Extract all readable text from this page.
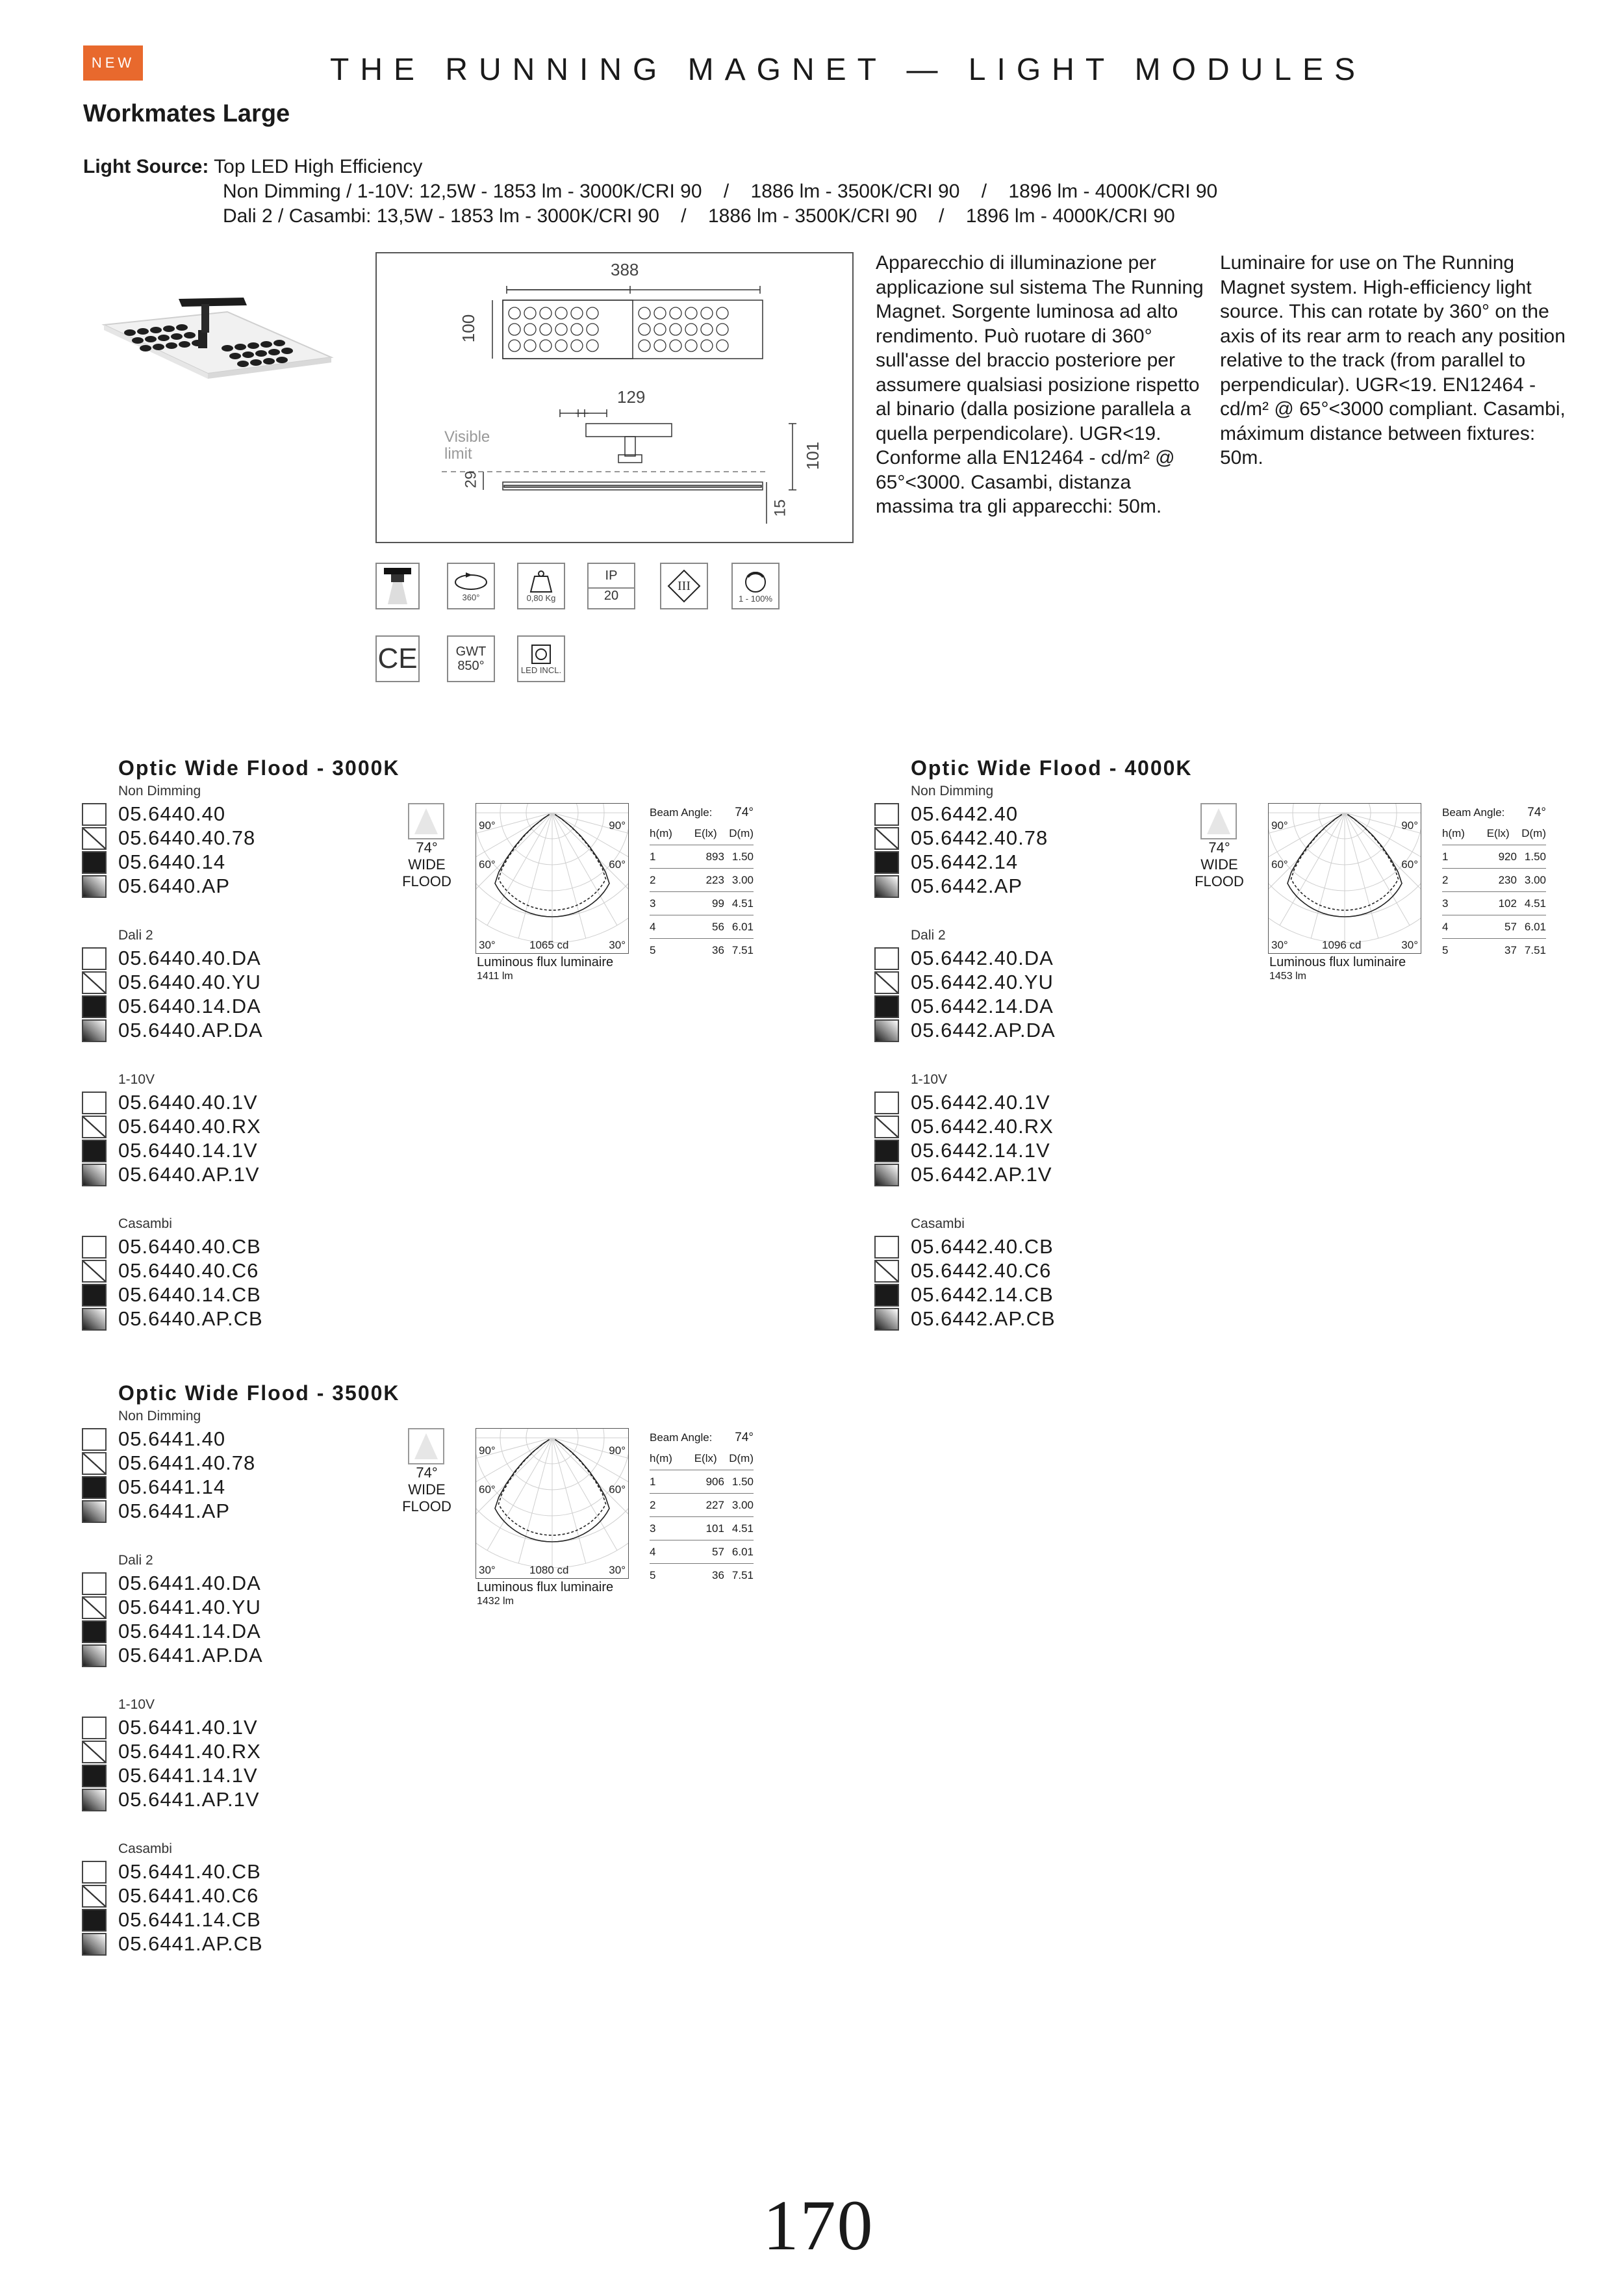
NEW	THE RUNNING MAGNET — LIGHT MODULES
Workmates Large
Light Source: Top LED High Efficiency
Non Dimming / 1-10V: 12,5W - 1853 lm - 3000K/CRI 90    /    1886 lm - 3500K/CRI 90    /    1896 lm - 4000K/CRI 90
Dali 2 / Casambi: 13,5W - 1853 lm - 3000K/CRI 90    /    1886 lm - 3500K/CRI 90    /    1896 lm - 4000K/CRI 90
388
100
129
101
29
15
Visible
limit
Apparecchio di illuminazione per applicazione sul sistema The Running Magnet. Sorgente luminosa ad alto rendimento. Può ruotare di 360° sull'asse del braccio posteriore per assumere qualsiasi posizione rispetto al binario (dalla posizione parallela a quella perpendicolare). UGR<19. Conforme alla EN12464 - cd/m² @ 65°<3000. Casambi, distanza massima tra gli apparecchi: 50m.
Luminaire for use on The Running Magnet system. High-efficiency light source. This can rotate by 360° on the axis of its rear arm to reach any position relative to the track (from parallel to perpendicular). UGR<19. EN12464 - cd/m² @ 65°<3000 compliant. Casambi, máximum distance between fixtures: 50m.
360°	0,80 Kg
IP
20
III
1 - 100%
CE	GWT
850°	LED INCL.
Optic Wide Flood - 3000K
Non Dimming
05.6440.40
05.6440.40.78
05.6440.14
05.6440.AP
Dali 2
05.6440.40.DA
05.6440.40.YU
05.6440.14.DA
05.6440.AP.DA
1-10V
05.6440.40.1V
05.6440.40.RX
05.6440.14.1V
05.6440.AP.1V
Casambi
05.6440.40.CB
05.6440.40.C6
05.6440.14.CB
05.6440.AP.CB
74°
WIDE
FLOOD
90°	90°
60°	60°
30°	30°
1065 cd
Luminous flux luminaire
1411 lm
Beam Angle:		74°
h(m)	E(lx)	D(m)
1	893	1.50
2	223	3.00
3	99	4.51
4	56	6.01
5	36	7.51
Optic Wide Flood - 4000K
Non Dimming
05.6442.40
05.6442.40.78
05.6442.14
05.6442.AP
Dali 2
05.6442.40.DA
05.6442.40.YU
05.6442.14.DA
05.6442.AP.DA
1-10V
05.6442.40.1V
05.6442.40.RX
05.6442.14.1V
05.6442.AP.1V
Casambi
05.6442.40.CB
05.6442.40.C6
05.6442.14.CB
05.6442.AP.CB
74°
WIDE
FLOOD
90°	90°
60°	60°
30°	30°
1096 cd
Luminous flux luminaire
1453 lm
Beam Angle:		74°
h(m)	E(lx)	D(m)
1	920	1.50
2	230	3.00
3	102	4.51
4	57	6.01
5	37	7.51
Optic Wide Flood - 3500K
Non Dimming
05.6441.40
05.6441.40.78
05.6441.14
05.6441.AP
Dali 2
05.6441.40.DA
05.6441.40.YU
05.6441.14.DA
05.6441.AP.DA
1-10V
05.6441.40.1V
05.6441.40.RX
05.6441.14.1V
05.6441.AP.1V
Casambi
05.6441.40.CB
05.6441.40.C6
05.6441.14.CB
05.6441.AP.CB
74°
WIDE
FLOOD
90°	90°
60°	60°
30°	30°
1080 cd
Luminous flux luminaire
1432 lm
Beam Angle:		74°
h(m)	E(lx)	D(m)
1	906	1.50
2	227	3.00
3	101	4.51
4	57	6.01
5	36	7.51
170
